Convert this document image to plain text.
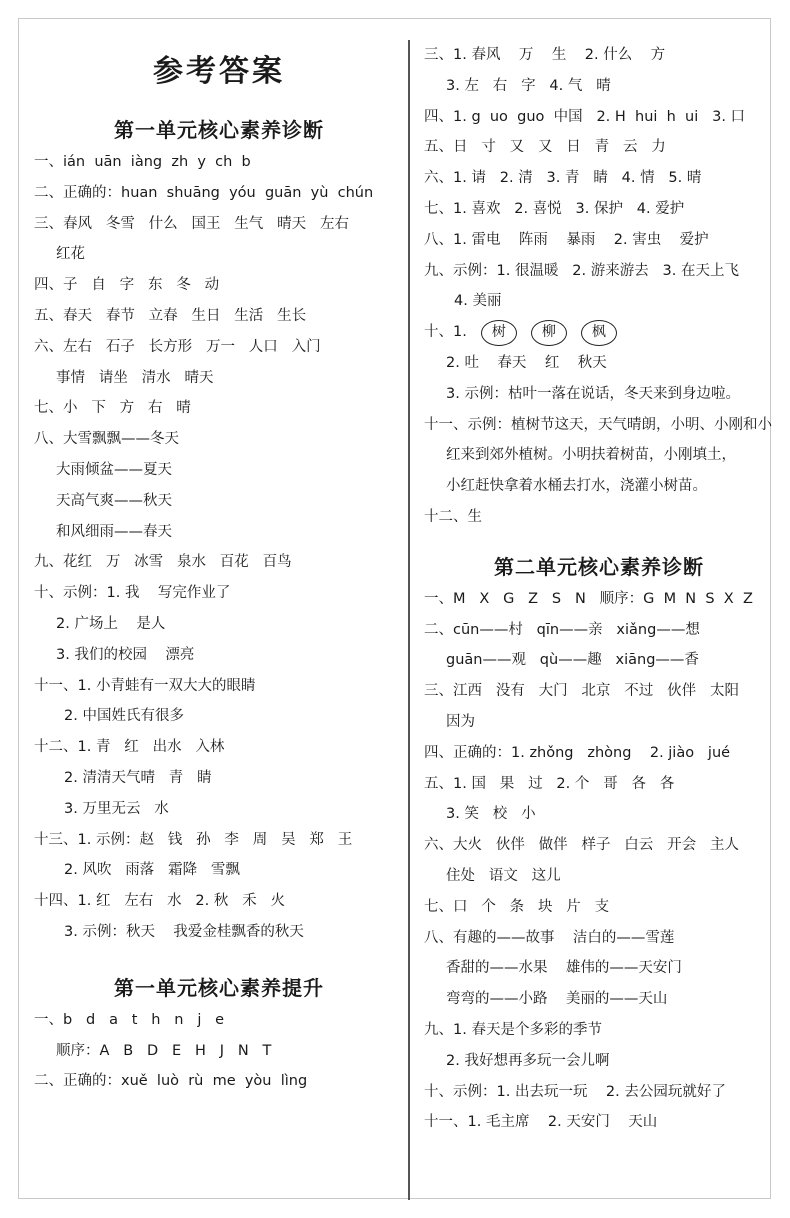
参考答案
第一单元核心素养诊断
一、ián  uān  iàng  zh  y  ch  b
二、正确的：huan  shuāng  yóu  guān  yù  chún
三、春风   冬雪   什么   国王   生气   晴天   左右
红花
四、子   自   字   东   冬   动
五、春天   春节   立春   生日   生活   生长
六、左右   石子   长方形   万一   人口   入门
事情   请坐   清水   晴天
七、小   下   方   右   晴
八、大雪飘飘——冬天
大雨倾盆——夏天
天高气爽——秋天
和风细雨——春天
九、花红   万   冰雪   泉水   百花   百鸟
十、示例：1. 我    写完作业了
2. 广场上    是人
3. 我们的校园    漂亮
十一、1. 小青蛙有一双大大的眼睛
2. 中国姓氏有很多
十二、1. 青   红   出水   入林
2. 清清天气晴   青   睛
3. 万里无云   水
十三、1. 示例：赵   钱   孙   李   周   吴   郑   王
2. 风吹   雨落   霜降   雪飘
十四、1. 红   左右   水   2. 秋   禾   火
3. 示例：秋天    我爱金桂飘香的秋天
第一单元核心素养提升
一、b   d   a   t   h   n   j   e
顺序：A   B   D   E   H   J   N   T
二、正确的：xuě  luò  rù  me  yòu  lìng
三、1. 春风    万    生    2. 什么    方
3. 左   右   字   4. 气   晴
四、1. g  uo  guo  中国   2. H  hui  h  ui   3. 口
五、日   寸   又   又   日   青   云   力
六、1. 请   2. 清   3. 青   睛   4. 情   5. 晴
七、1. 喜欢   2. 喜悦   3. 保护   4. 爱护
八、1. 雷电    阵雨    暴雨    2. 害虫    爱护
九、示例：1. 很温暖   2. 游来游去   3. 在天上飞
4. 美丽
十、1.	树	柳	枫
2. 吐    春天    红    秋天
3. 示例：枯叶一落在说话，冬天来到身边啦。
十一、示例：植树节这天，天气晴朗，小明、小刚和小
红来到郊外植树。小明扶着树苗，小刚填土，
小红赶快拿着水桶去打水，浇灌小树苗。
十二、生
第二单元核心素养诊断
一、M   X   G   Z   S   N   顺序：G  M  N  S  X  Z
二、cūn——村   qīn——亲   xiǎng——想
guān——观   qù——趣   xiāng——香
三、江西   没有   大门   北京   不过   伙伴   太阳
因为
四、正确的：1. zhǒng   zhòng    2. jiào   jué
五、1. 国   果   过   2. 个   哥   各   各
3. 笑   校   小
六、大火   伙伴   做伴   样子   白云   开会   主人
住处   语文   这儿
七、口   个   条   块   片   支
八、有趣的——故事    洁白的——雪莲
香甜的——水果    雄伟的——天安门
弯弯的——小路    美丽的——天山
九、1. 春天是个多彩的季节
2. 我好想再多玩一会儿啊
十、示例：1. 出去玩一玩    2. 去公园玩就好了
十一、1. 毛主席    2. 天安门    天山
